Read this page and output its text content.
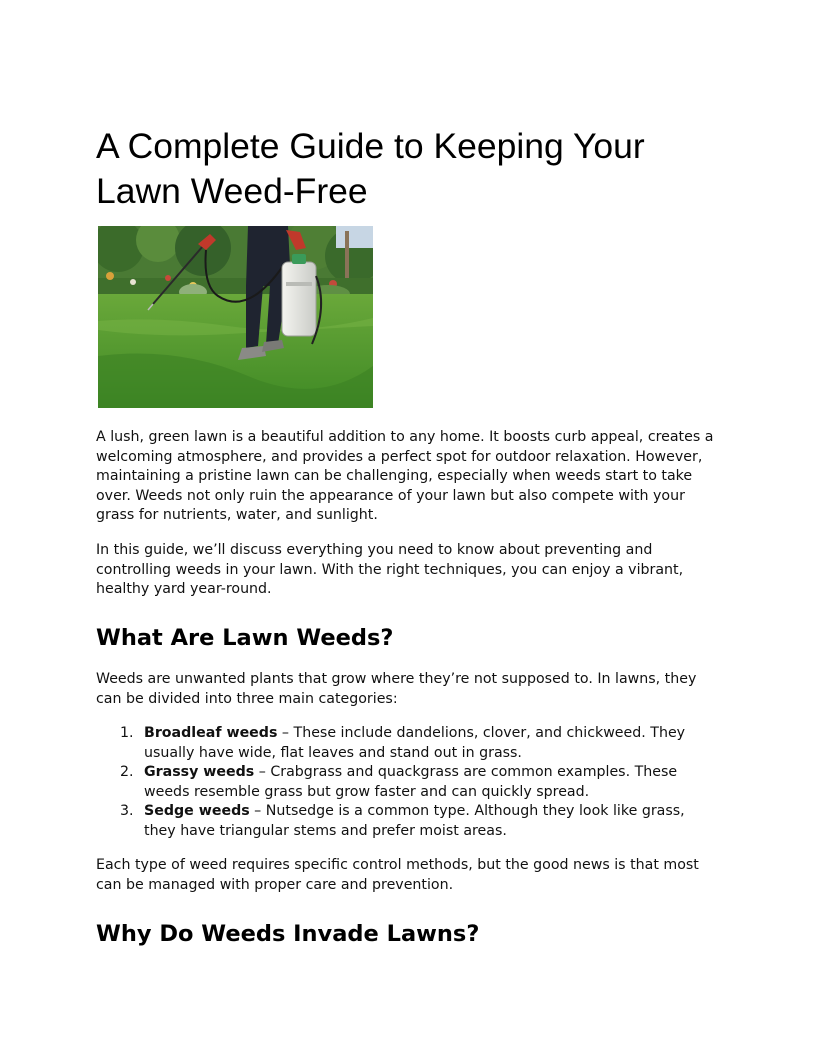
A Complete Guide to Keeping Your Lawn Weed-Free

A lush, green lawn is a beautiful addition to any home. It boosts curb appeal, creates a welcoming atmosphere, and provides a perfect spot for outdoor relaxation. However, maintaining a pristine lawn can be challenging, especially when weeds start to take over. Weeds not only ruin the appearance of your lawn but also compete with your grass for nutrients, water, and sunlight.

In this guide, we’ll discuss everything you need to know about preventing and controlling weeds in your lawn. With the right techniques, you can enjoy a vibrant, healthy yard year-round.

What Are Lawn Weeds?

Weeds are unwanted plants that grow where they’re not supposed to. In lawns, they can be divided into three main categories:

1. Broadleaf weeds – These include dandelions, clover, and chickweed. They usually have wide, flat leaves and stand out in grass.
2. Grassy weeds – Crabgrass and quackgrass are common examples. These weeds resemble grass but grow faster and can quickly spread.
3. Sedge weeds – Nutsedge is a common type. Although they look like grass, they have triangular stems and prefer moist areas.

Each type of weed requires specific control methods, but the good news is that most can be managed with proper care and prevention.

Why Do Weeds Invade Lawns?
